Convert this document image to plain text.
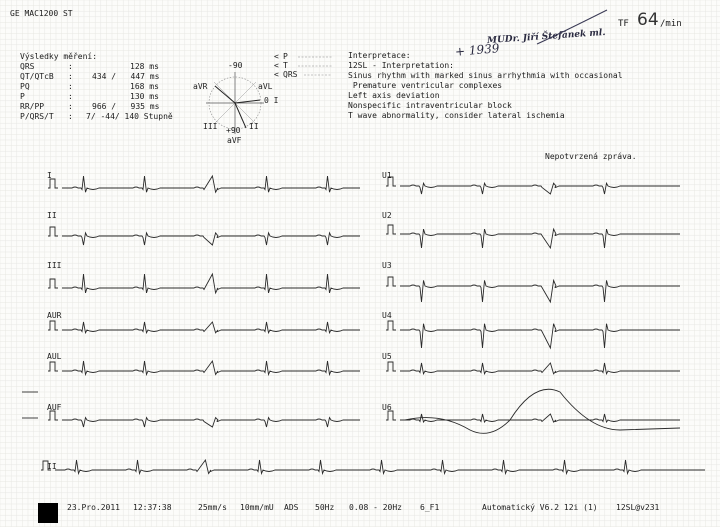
GE MAC1200 ST
TF 64 /min
MUDr. Jiří Štefánek ml.
+ 1939
Výsledky měření:
QRS	:	128 ms
QT/QTcB : 434 /   447 ms
PQ	:	168 ms
P	:	130 ms
RR/PP	: 966 /   935 ms
P/QRS/T : 7/ -44/ 140 Stupně
-90
+90
aVR	aVL
0 I
III	II
aVF
<
<
<
P
T
QRS
Interpretace:
12SL - Interpretation:
Sinus rhythm with marked sinus arrhythmia with occasional
Premature ventricular complexes
Left axis deviation
Nonspecific intraventricular block
T wave abnormality, consider lateral ischemia
Nepotvrzená zpráva.
I
II
III
AUR
AUL
AUF
II
U1
U2
U3
U4
U5
U6
23.Pro.2011 12:37:38	25mm/s 10mm/mU ADS 50Hz 0.08 - 20Hz 6_F1	Automatický V6.2 12i (1) 12SL@v231
